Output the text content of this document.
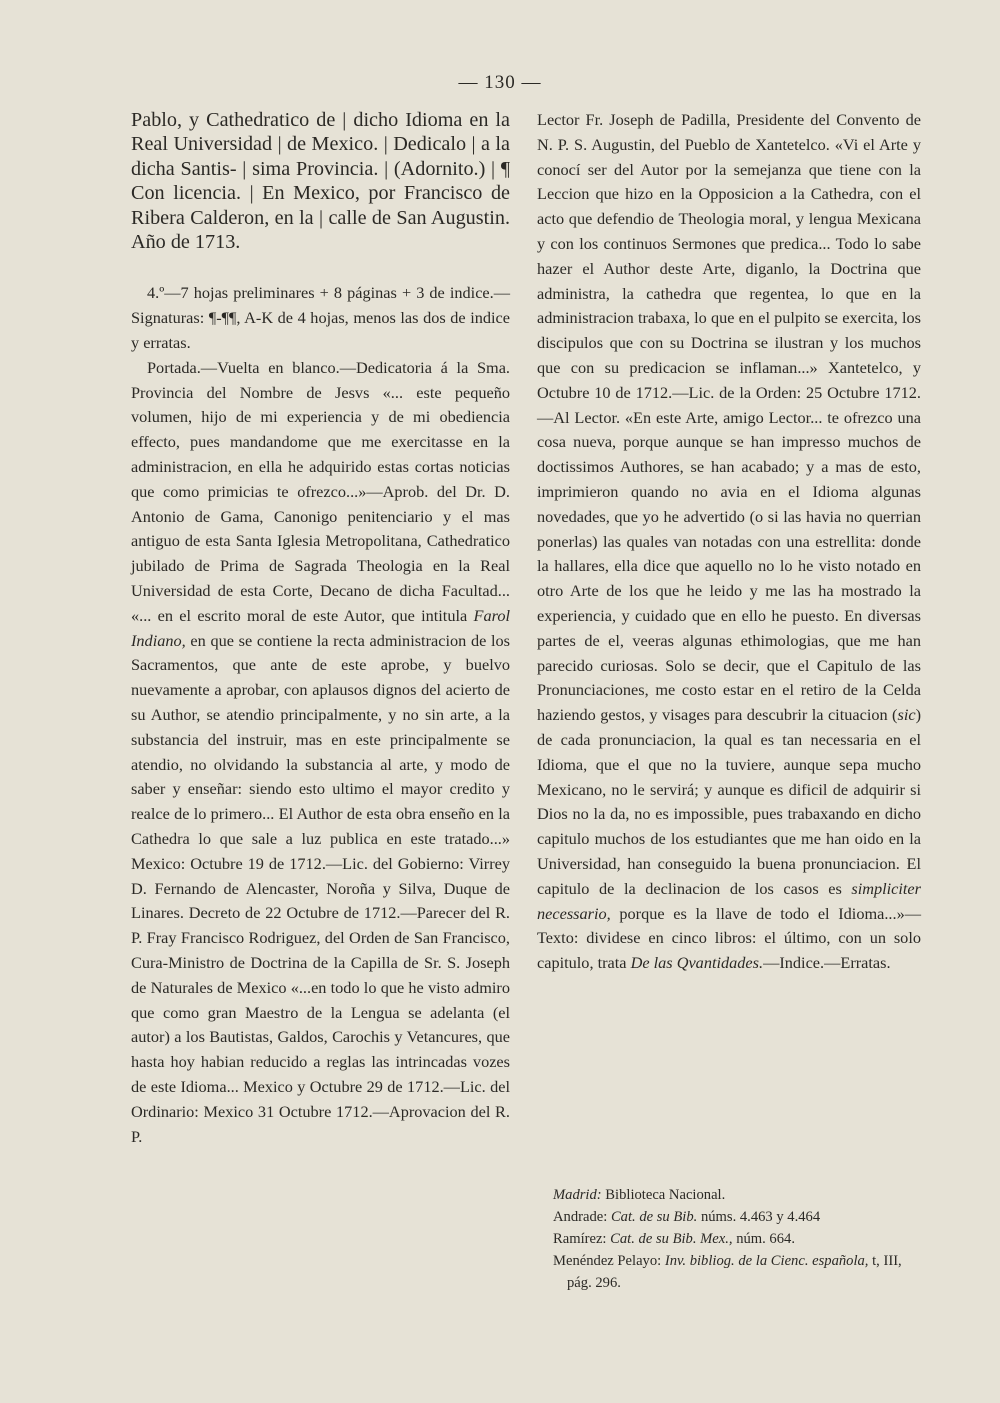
— 130 —

Pablo, y Cathedratico de | dicho Idioma en la Real Universidad | de Mexico. | Dedicalo | a la dicha Santis- | sima Provincia. | (Adornito.) | ¶ Con licencia. | En Mexico, por Francisco de Ribera Calderon, en la | calle de San Augustin. Año de 1713.

4.º—7 hojas preliminares + 8 páginas + 3 de indice.—Signaturas: ¶-¶¶, A-K de 4 hojas, menos las dos de indice y erratas.

Portada.—Vuelta en blanco.—Dedicatoria á la Sma. Provincia del Nombre de Jesvs «... este pequeño volumen, hijo de mi experiencia y de mi obediencia effecto, pues mandandome que me exercitasse en la administracion, en ella he adquirido estas cortas noticias que como primicias te ofrezco...»—Aprob. del Dr. D. Antonio de Gama, Canonigo penitenciario y el mas antiguo de esta Santa Iglesia Metropolitana, Cathedratico jubilado de Prima de Sagrada Theologia en la Real Universidad de esta Corte, Decano de dicha Facultad... «... en el escrito moral de este Autor, que intitula Farol Indiano, en que se contiene la recta administracion de los Sacramentos, que ante de este aprobe, y buelvo nuevamente a aprobar, con aplausos dignos del acierto de su Author, se atendio principalmente, y no sin arte, a la substancia del instruir, mas en este principalmente se atendio, no olvidando la substancia al arte, y modo de saber y enseñar: siendo esto ultimo el mayor credito y realce de lo primero... El Author de esta obra enseño en la Cathedra lo que sale a luz publica en este tratado...» Mexico: Octubre 19 de 1712.—Lic. del Gobierno: Virrey D. Fernando de Alencaster, Noroña y Silva, Duque de Linares. Decreto de 22 Octubre de 1712.—Parecer del R. P. Fray Francisco Rodriguez, del Orden de San Francisco, Cura-Ministro de Doctrina de la Capilla de Sr. S. Joseph de Naturales de Mexico «...en todo lo que he visto admiro que como gran Maestro de la Lengua se adelanta (el autor) a los Bautistas, Galdos, Carochis y Vetancures, que hasta hoy habian reducido a reglas las intrincadas vozes de este Idioma... Mexico y Octubre 29 de 1712.—Lic. del Ordinario: Mexico 31 Octubre 1712.—Aprovacion del R. P.

Lector Fr. Joseph de Padilla, Presidente del Convento de N. P. S. Augustin, del Pueblo de Xantetelco. «Vi el Arte y conocí ser del Autor por la semejanza que tiene con la Leccion que hizo en la Opposicion a la Cathedra, con el acto que defendio de Theologia moral, y lengua Mexicana y con los continuos Sermones que predica... Todo lo sabe hazer el Author deste Arte, diganlo, la Doctrina que administra, la cathedra que regentea, lo que en la administracion trabaxa, lo que en el pulpito se exercita, los discipulos que con su Doctrina se ilustran y los muchos que con su predicacion se inflaman...» Xantetelco, y Octubre 10 de 1712.—Lic. de la Orden: 25 Octubre 1712.—Al Lector. «En este Arte, amigo Lector... te ofrezco una cosa nueva, porque aunque se han impresso muchos de doctissimos Authores, se han acabado; y a mas de esto, imprimieron quando no avia en el Idioma algunas novedades, que yo he advertido (o si las havia no querrian ponerlas) las quales van notadas con una estrellita: donde la hallares, ella dice que aquello no lo he visto notado en otro Arte de los que he leido y me las ha mostrado la experiencia, y cuidado que en ello he puesto. En diversas partes de el, veeras algunas ethimologias, que me han parecido curiosas. Solo se decir, que el Capitulo de las Pronunciaciones, me costo estar en el retiro de la Celda haziendo gestos, y visages para descubrir la cituacion (sic) de cada pronunciacion, la qual es tan necessaria en el Idioma, que el que no la tuviere, aunque sepa mucho Mexicano, no le servirá; y aunque es dificil de adquirir si Dios no la da, no es impossible, pues trabaxando en dicho capitulo muchos de los estudiantes que me han oido en la Universidad, han conseguido la buena pronunciacion. El capitulo de la declinacion de los casos es simpliciter necessario, porque es la llave de todo el Idioma...»—Texto: dividese en cinco libros: el último, con un solo capitulo, trata De las Qvantidades.—Indice.—Erratas.

Madrid: Biblioteca Nacional.

Andrade: Cat. de su Bib. núms. 4.463 y 4.464

Ramírez: Cat. de su Bib. Mex., núm. 664.

Menéndez Pelayo: Inv. bibliog. de la Cienc. española, t, III, pág. 296.
